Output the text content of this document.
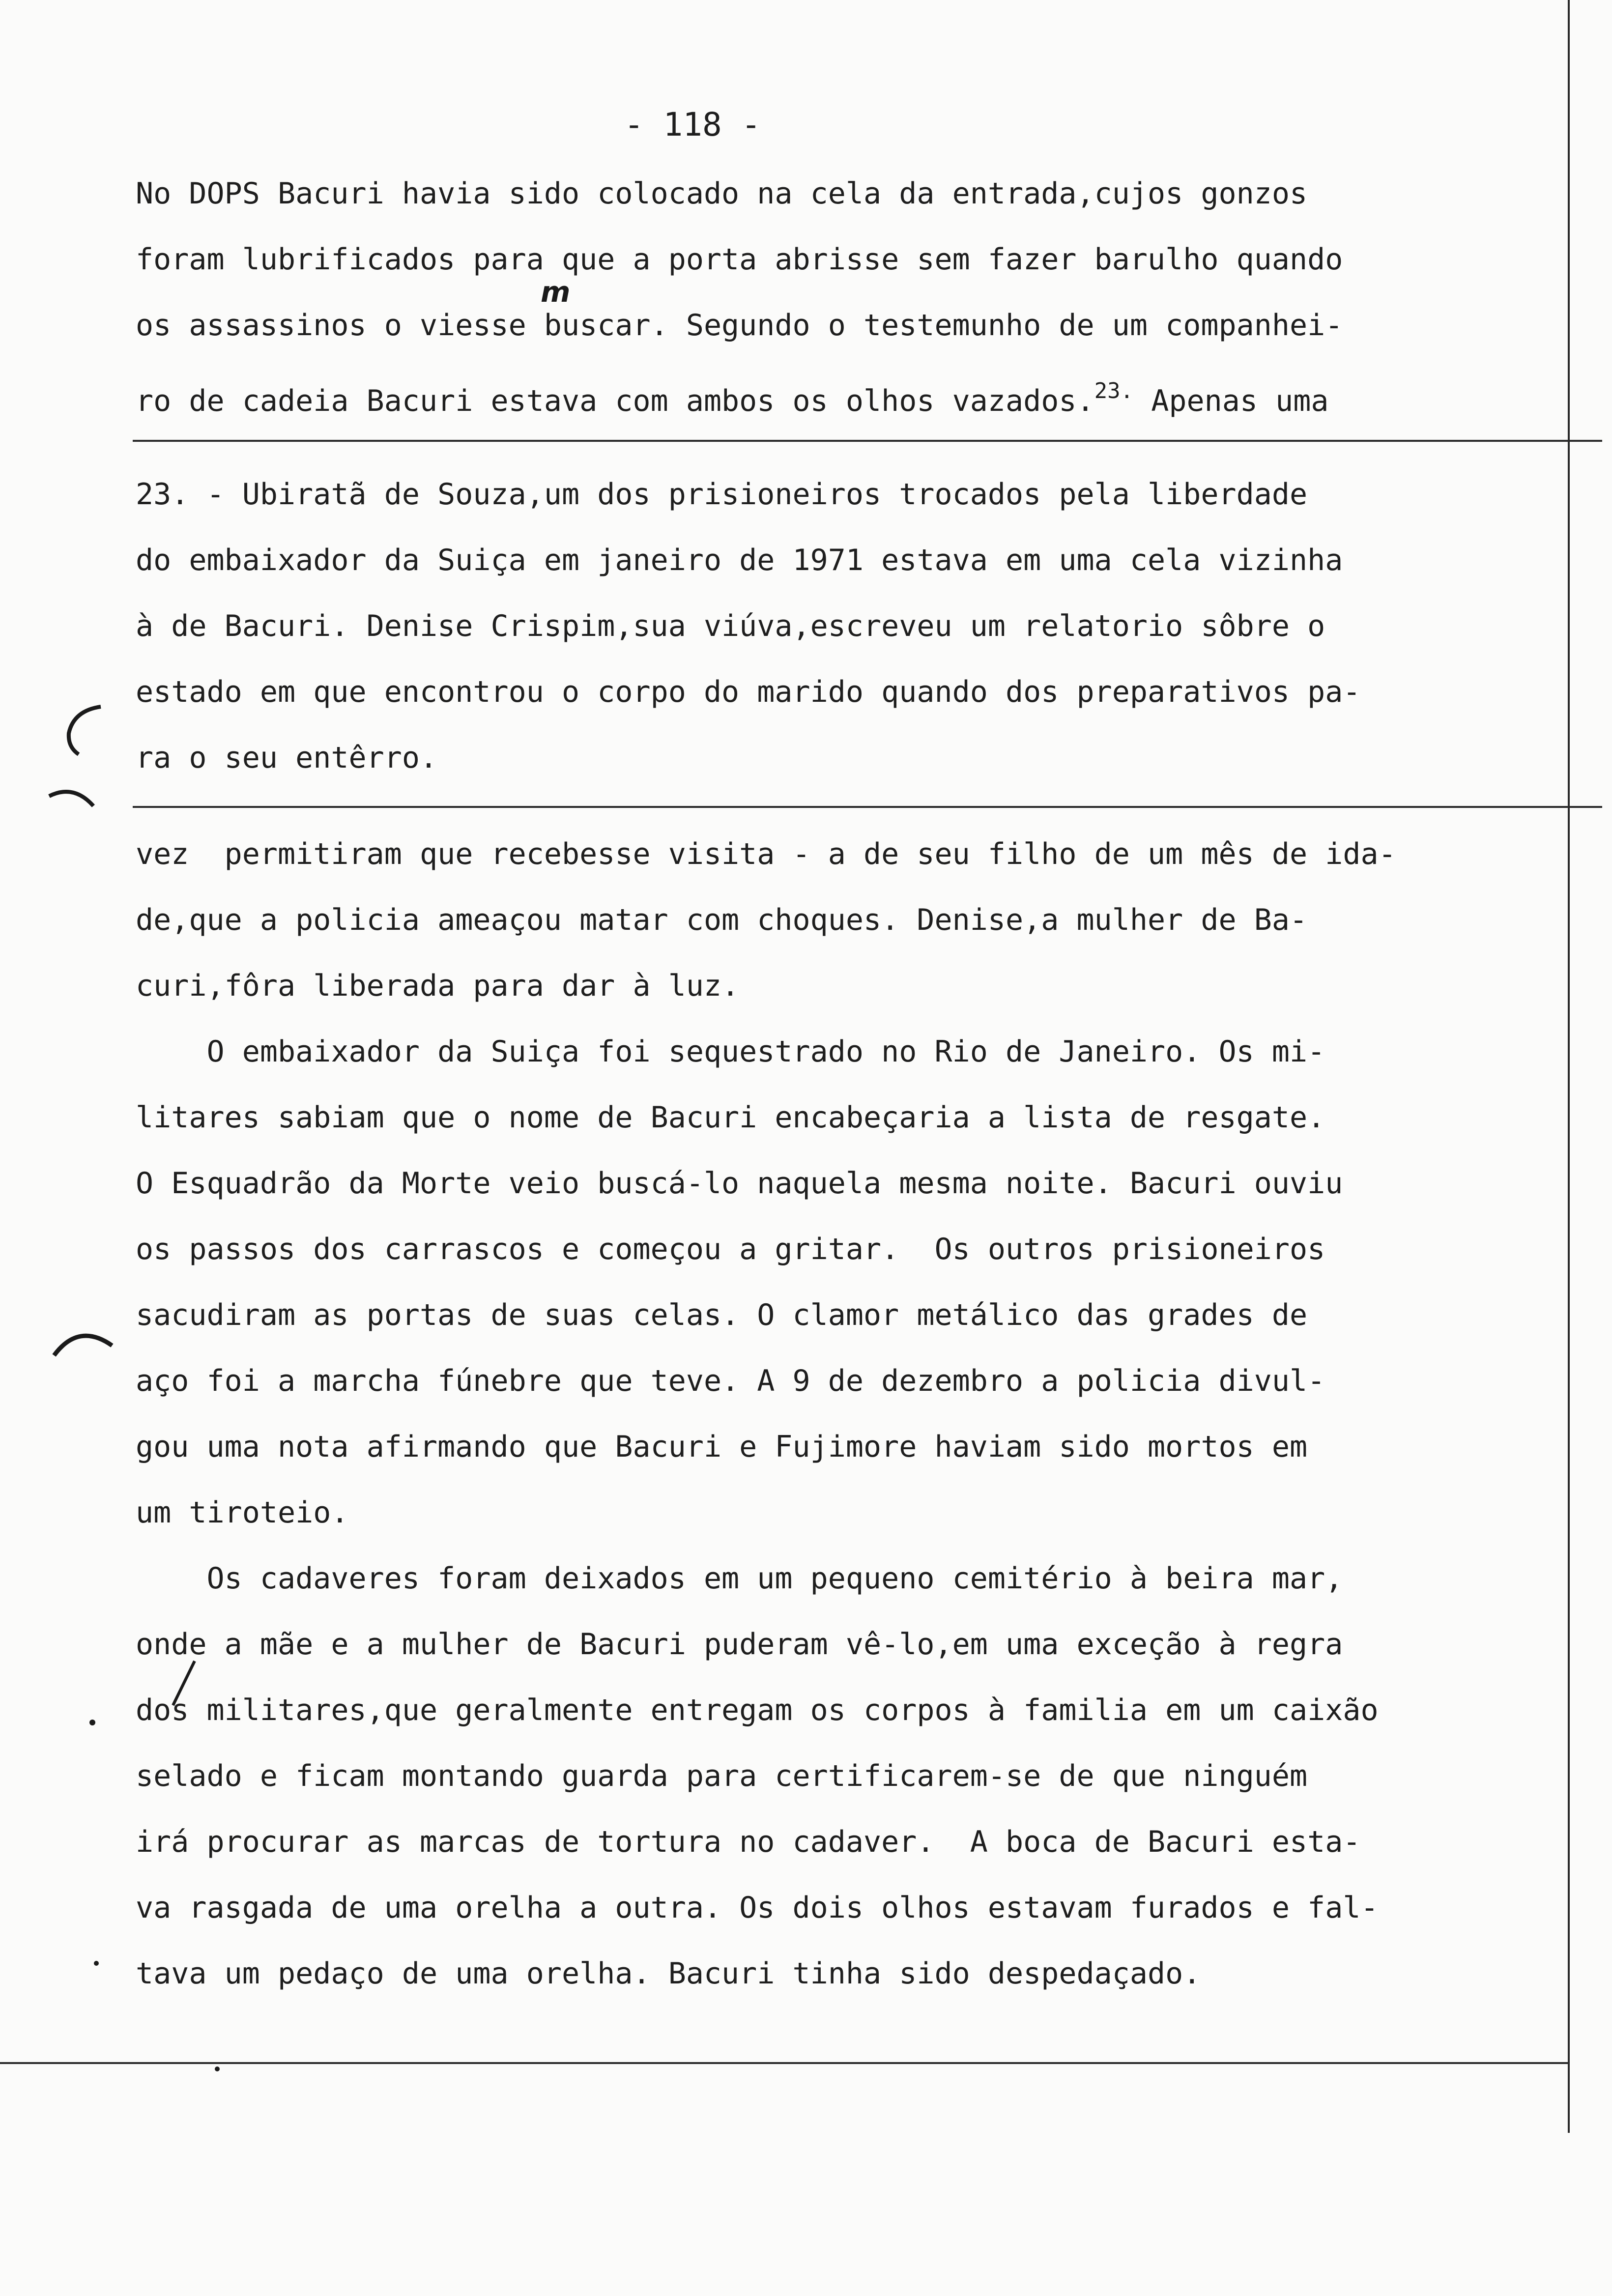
- 118 -
m
No DOPS Bacuri havia sido colocado na cela da entrada,cujos gonzos
foram lubrificados para que a porta abrisse sem fazer barulho quando
os assassinos o viesse buscar. Segundo o testemunho de um companhei-
ro de cadeia Bacuri estava com ambos os olhos vazados.$^{23.}$ Apenas uma
23. - Ubiratã de Souza,um dos prisioneiros trocados pela liberdade
do embaixador da Suiça em janeiro de 1971 estava em uma cela vizinha
à de Bacuri. Denise Crispim,sua viúva,escreveu um relatorio sôbre o
estado em que encontrou o corpo do marido quando dos preparativos pa-
ra o seu entêrro.
vez  permitiram que recebesse visita - a de seu filho de um mês de ida-
de,que a policia ameaçou matar com choques. Denise,a mulher de Ba-
curi,fôra liberada para dar à luz.
O embaixador da Suiça foi sequestrado no Rio de Janeiro. Os mi-
litares sabiam que o nome de Bacuri encabeçaria a lista de resgate.
O Esquadrão da Morte veio buscá-lo naquela mesma noite. Bacuri ouviu
os passos dos carrascos e começou a gritar.  Os outros prisioneiros
sacudiram as portas de suas celas. O clamor metálico das grades de
aço foi a marcha fúnebre que teve. A 9 de dezembro a policia divul-
gou uma nota afirmando que Bacuri e Fujimore haviam sido mortos em
um tiroteio.
Os cadaveres foram deixados em um pequeno cemitério à beira mar,
onde a mãe e a mulher de Bacuri puderam vê-lo,em uma exceção à regra
dos militares,que geralmente entregam os corpos à familia em um caixão
selado e ficam montando guarda para certificarem-se de que ninguém
irá procurar as marcas de tortura no cadaver.  A boca de Bacuri esta-
va rasgada de uma orelha a outra. Os dois olhos estavam furados e fal-
tava um pedaço de uma orelha. Bacuri tinha sido despedaçado.
